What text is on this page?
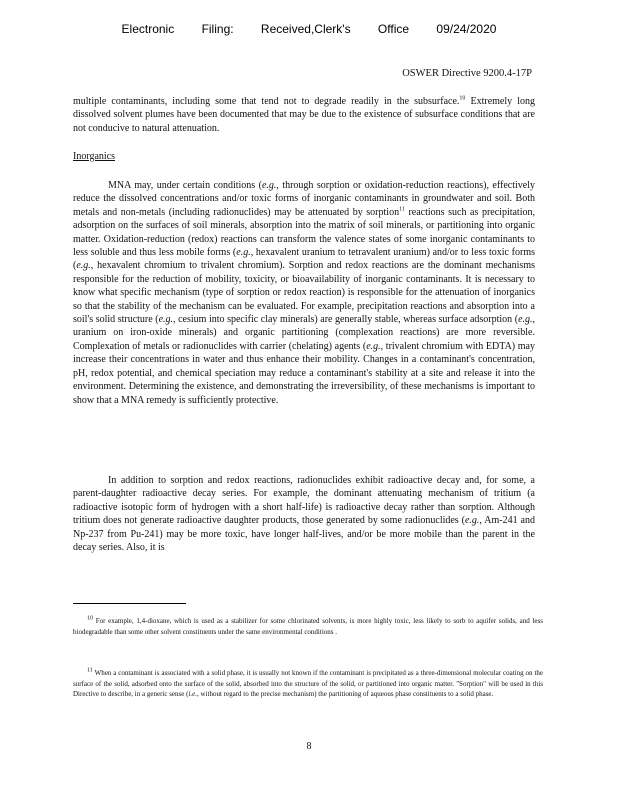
Electronic Filing: Received,Clerk's Office 09/24/2020
OSWER Directive 9200.4-17P

multiple contaminants, including some that tend not to degrade readily in the subsurface.$^{10}$ Extremely long dissolved solvent plumes have been documented that may be due to the existence of subsurface conditions that are not conducive to natural attenuation.

Inorganics

MNA may, under certain conditions (e.g., through sorption or oxidation-reduction reactions), effectively reduce the dissolved concentrations and/or toxic forms of inorganic contaminants in groundwater and soil. Both metals and non-metals (including radionuclides) may be attenuated by sorption$^{11}$ reactions such as precipitation, adsorption on the surfaces of soil minerals, absorption into the matrix of soil minerals, or partitioning into organic matter. Oxidation-reduction (redox) reactions can transform the valence states of some inorganic contaminants to less soluble and thus less mobile forms (e.g., hexavalent uranium to tetravalent uranium) and/or to less toxic forms (e.g., hexavalent chromium to trivalent chromium). Sorption and redox reactions are the dominant mechanisms responsible for the reduction of mobility, toxicity, or bioavailability of inorganic contaminants. It is necessary to know what specific mechanism (type of sorption or redox reaction) is responsible for the attenuation of inorganics so that the stability of the mechanism can be evaluated. For example, precipitation reactions and absorption into a soil's solid structure (e.g., cesium into specific clay minerals) are generally stable, whereas surface adsorption (e.g., uranium on iron-oxide minerals) and organic partitioning (complexation reactions) are more reversible. Complexation of metals or radionuclides with carrier (chelating) agents (e.g., trivalent chromium with EDTA) may increase their concentrations in water and thus enhance their mobility. Changes in a contaminant's concentration, pH, redox potential, and chemical speciation may reduce a contaminant's stability at a site and release it into the environment. Determining the existence, and demonstrating the irreversibility, of these mechanisms is important to show that a MNA remedy is sufficiently protective.

In addition to sorption and redox reactions, radionuclides exhibit radioactive decay and, for some, a parent-daughter radioactive decay series. For example, the dominant attenuating mechanism of tritium (a radioactive isotopic form of hydrogen with a short half-life) is radioactive decay rather than sorption. Although tritium does not generate radioactive daughter products, those generated by some radionuclides (e.g., Am-241 and Np-237 from Pu-241) may be more toxic, have longer half-lives, and/or be more mobile than the parent in the decay series. Also, it is

$^{10}$ For example, 1,4-dioxane, which is used as a stabilizer for some chlorinated solvents, is more highly toxic, less likely to sorb to aquifer solids, and less biodegradable than some other solvent constituents under the same environmental conditions .

$^{11}$ When a contaminant is associated with a solid phase, it is usually not known if the contaminant is precipitated as a three-dimensional molecular coating on the surface of the solid, adsorbed onto the surface of the solid, absorbed into the structure of the solid, or partitioned into organic matter. "Sorption" will be used in this Directive to describe, in a generic sense (i.e., without regard to the precise mechanism) the partitioning of aqueous phase constituents to a solid phase.

8
